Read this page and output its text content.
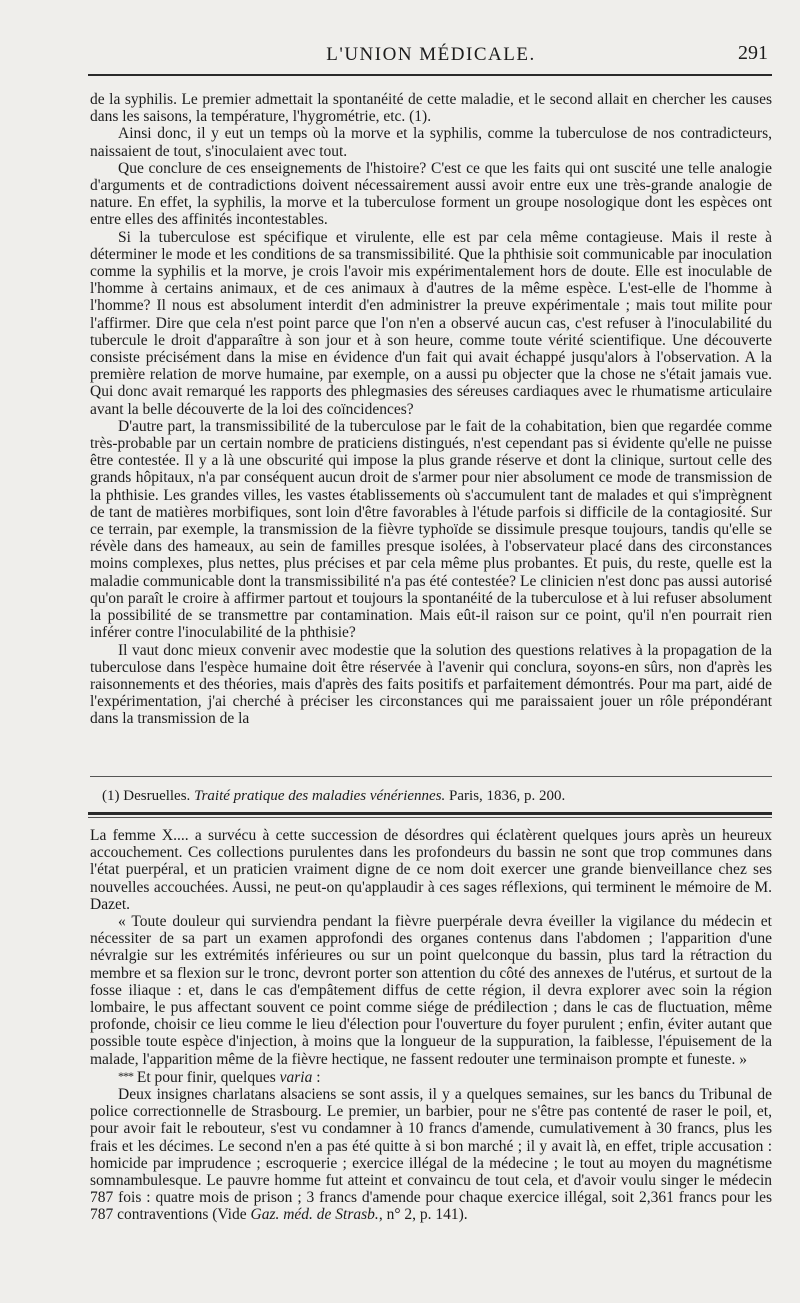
L'UNION MÉDICALE.	291

de la syphilis. Le premier admettait la spontanéité de cette maladie, et le second allait en chercher les causes dans les saisons, la température, l'hygrométrie, etc. (1).

Ainsi donc, il y eut un temps où la morve et la syphilis, comme la tuberculose de nos contradicteurs, naissaient de tout, s'inoculaient avec tout.

Que conclure de ces enseignements de l'histoire? C'est ce que les faits qui ont suscité une telle analogie d'arguments et de contradictions doivent nécessairement aussi avoir entre eux une très-grande analogie de nature. En effet, la syphilis, la morve et la tuberculose forment un groupe nosologique dont les espèces ont entre elles des affinités incontestables.

Si la tuberculose est spécifique et virulente, elle est par cela même contagieuse. Mais il reste à déterminer le mode et les conditions de sa transmissibilité. Que la phthisie soit communicable par inoculation comme la syphilis et la morve, je crois l'avoir mis expérimentalement hors de doute. Elle est inoculable de l'homme à certains animaux, et de ces animaux à d'autres de la même espèce. L'est-elle de l'homme à l'homme? Il nous est absolument interdit d'en administrer la preuve expérimentale ; mais tout milite pour l'affirmer. Dire que cela n'est point parce que l'on n'en a observé aucun cas, c'est refuser à l'inoculabilité du tubercule le droit d'apparaître à son jour et à son heure, comme toute vérité scientifique. Une découverte consiste précisément dans la mise en évidence d'un fait qui avait échappé jusqu'alors à l'observation. A la première relation de morve humaine, par exemple, on a aussi pu objecter que la chose ne s'était jamais vue. Qui donc avait remarqué les rapports des phlegmasies des séreuses cardiaques avec le rhumatisme articulaire avant la belle découverte de la loi des coïncidences?

D'autre part, la transmissibilité de la tuberculose par le fait de la cohabitation, bien que regardée comme très-probable par un certain nombre de praticiens distingués, n'est cependant pas si évidente qu'elle ne puisse être contestée. Il y a là une obscurité qui impose la plus grande réserve et dont la clinique, surtout celle des grands hôpitaux, n'a par conséquent aucun droit de s'armer pour nier absolument ce mode de transmission de la phthisie. Les grandes villes, les vastes établissements où s'accumulent tant de malades et qui s'imprègnent de tant de matières morbifiques, sont loin d'être favorables à l'étude parfois si difficile de la contagiosité. Sur ce terrain, par exemple, la transmission de la fièvre typhoïde se dissimule presque toujours, tandis qu'elle se révèle dans des hameaux, au sein de familles presque isolées, à l'observateur placé dans des circonstances moins complexes, plus nettes, plus précises et par cela même plus probantes. Et puis, du reste, quelle est la maladie communicable dont la transmissibilité n'a pas été contestée? Le clinicien n'est donc pas aussi autorisé qu'on paraît le croire à affirmer partout et toujours la spontanéité de la tuberculose et à lui refuser absolument la possibilité de se transmettre par contamination. Mais eût-il raison sur ce point, qu'il n'en pourrait rien inférer contre l'inoculabilité de la phthisie?

Il vaut donc mieux convenir avec modestie que la solution des questions relatives à la propagation de la tuberculose dans l'espèce humaine doit être réservée à l'avenir qui conclura, soyons-en sûrs, non d'après les raisonnements et des théories, mais d'après des faits positifs et parfaitement démontrés. Pour ma part, aidé de l'expérimentation, j'ai cherché à préciser les circonstances qui me paraissaient jouer un rôle prépondérant dans la transmission de la

(1) Desruelles. Traité pratique des maladies vénériennes. Paris, 1836, p. 200.

La femme X.... a survécu à cette succession de désordres qui éclatèrent quelques jours après un heureux accouchement. Ces collections purulentes dans les profondeurs du bassin ne sont que trop communes dans l'état puerpéral, et un praticien vraiment digne de ce nom doit exercer une grande bienveillance chez ses nouvelles accouchées. Aussi, ne peut-on qu'applaudir à ces sages réflexions, qui terminent le mémoire de M. Dazet.

« Toute douleur qui surviendra pendant la fièvre puerpérale devra éveiller la vigilance du médecin et nécessiter de sa part un examen approfondi des organes contenus dans l'abdomen ; l'apparition d'une névralgie sur les extrémités inférieures ou sur un point quelconque du bassin, plus tard la rétraction du membre et sa flexion sur le tronc, devront porter son attention du côté des annexes de l'utérus, et surtout de la fosse iliaque : et, dans le cas d'empâtement diffus de cette région, il devra explorer avec soin la région lombaire, le pus affectant souvent ce point comme siége de prédilection ; dans le cas de fluctuation, même profonde, choisir ce lieu comme le lieu d'élection pour l'ouverture du foyer purulent ; enfin, éviter autant que possible toute espèce d'injection, à moins que la longueur de la suppuration, la faiblesse, l'épuisement de la malade, l'apparition même de la fièvre hectique, ne fassent redouter une terminaison prompte et funeste. »

*** Et pour finir, quelques varia :

Deux insignes charlatans alsaciens se sont assis, il y a quelques semaines, sur les bancs du Tribunal de police correctionnelle de Strasbourg. Le premier, un barbier, pour ne s'être pas contenté de raser le poil, et, pour avoir fait le rebouteur, s'est vu condamner à 10 francs d'amende, cumulativement à 30 francs, plus les frais et les décimes. Le second n'en a pas été quitte à si bon marché ; il y avait là, en effet, triple accusation : homicide par imprudence ; escroquerie ; exercice illégal de la médecine ; le tout au moyen du magnétisme somnambulesque. Le pauvre homme fut atteint et convaincu de tout cela, et d'avoir voulu singer le médecin 787 fois : quatre mois de prison ; 3 francs d'amende pour chaque exercice illégal, soit 2,361 francs pour les 787 contraventions (Vide Gaz. méd. de Strasb., n° 2, p. 141).
